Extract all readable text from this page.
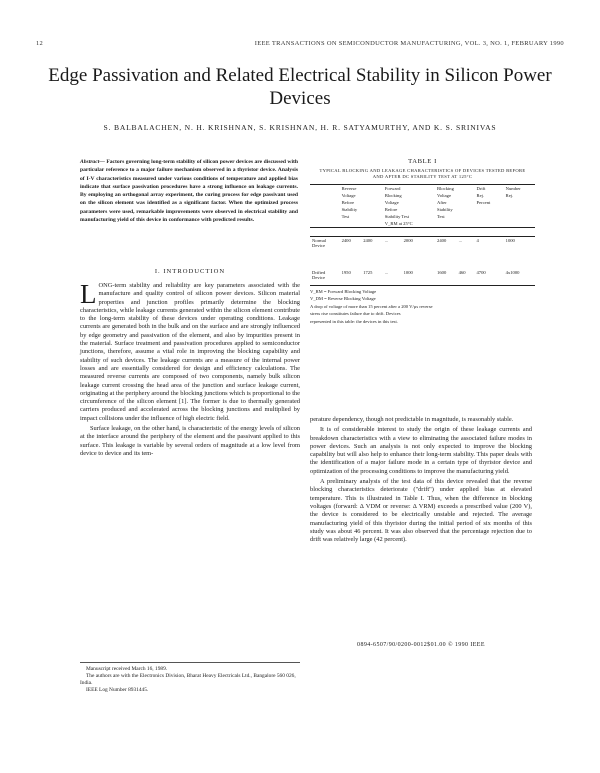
12	IEEE TRANSACTIONS ON SEMICONDUCTOR MANUFACTURING, VOL. 3, NO. 1, FEBRUARY 1990
Edge Passivation and Related Electrical Stability in Silicon Power Devices
S. BALBALACHEN, N. H. KRISHNAN, S. KRISHNAN, H. R. SATYAMURTHY, AND K. S. SRINIVAS
Abstract— Factors governing long-term stability of silicon power devices are discussed with particular reference to a major failure mechanism observed in a thyristor device. Analysis of I-V characteristics measured under various conditions of temperature and applied bias indicate that surface passivation procedures have a strong influence on leakage currents. By employing an orthogonal array experiment, the curing process for edge passivant used on the silicon element was identified as a significant factor. When the optimized process parameters were used, remarkable improvements were observed in electrical stability and manufacturing yield of this device in conformance with predicted results.
I. INTRODUCTION

LONG-term stability and reliability are key parameters associated with the manufacture and quality control of silicon power devices. Silicon material properties and junction profiles primarily determine the blocking characteristics, while leakage currents generated within the silicon element contribute to the long-term stability of these devices under operating conditions. Leakage currents are generated both in the bulk and on the surface and are strongly influenced by edge geometry and passivation of the element, and also by impurities present in the material. Surface treatment and passivation procedures applied to semiconductor junctions, therefore, assume a vital role in improving the blocking capability and stability of such devices. The leakage currents are a measure of the internal power losses and are essentially considered for design and efficiency calculations. The measured reverse currents are composed of two components, namely bulk silicon leakage current crossing the head area of the junction and surface leakage current, originating at the periphery around the blocking junctions which is proportional to the circumference of the silicon element [1]. The former is due to thermally generated carriers produced and accelerated across the blocking junctions and multiplied by impact collisions under the influence of high electric field.

Surface leakage, on the other hand, is characteristic of the energy levels of silicon at the interface around the periphery of the element and the passivant applied to this surface. This leakage is variable by several orders of magnitude at a low level from device to device and its tem-

Manuscript received March 16, 1989.
The authors are with the Electronics Division, Bharat Heavy Electricals Ltd., Bangalore 560 026, India.
IEEE Log Number 8931445.
TABLE I
TYPICAL BLOCKING AND LEAKAGE CHARACTERISTICS OF DEVICES TESTED BEFORE
AND AFTER DC STABILITY TEST AT 125°C

	Reverse		Forward		Blocking		Drift	Number
	Voltage		Blocking		Voltage		Rej.	Rej.
	Before		Voltage		After		Percent	
	Stability		Before		Stability			
	Test		Stability Test		Test			
			V_RM at 25°C					

Normal
Device	2400	2400	...	2000	2400	...	4	1000

Drifted
Device	1950	1725	...	1000	1600	460	4700	4x1000
V_RM = Forward Blocking Voltage
V_DM = Reverse Blocking Voltage
A drop of voltage of more than 15 percent after a 200 V/µs reverse
stress rise constitutes failure due to drift. Devices
represented in this table: the devices in this test.

perature dependency, though not predictable in magnitude, is reasonably stable.

It is of considerable interest to study the origin of these leakage currents and breakdown characteristics with a view to eliminating the associated failure modes in power devices. Such an analysis is not only expected to improve the blocking capability but will also help to enhance their long-term stability. This paper deals with the identification of a major failure mode in a certain type of thyristor device and optimization of the processing conditions to improve the manufacturing yield.

A preliminary analysis of the test data of this device revealed that the reverse blocking characteristics deteriorate ("drift") under applied bias at elevated temperature. This is illustrated in Table I. Thus, when the difference in blocking voltages (forward: Δ VDM or reverse: Δ VRM) exceeds a prescribed value (200 V), the device is considered to be electrically unstable and rejected. The average manufacturing yield of this thyristor during the initial period of six months of this study was about 46 percent. It was also observed that the percentage rejection due to drift was relatively large (42 percent).

0894-6507/90/0200-0012$01.00 © 1990 IEEE
